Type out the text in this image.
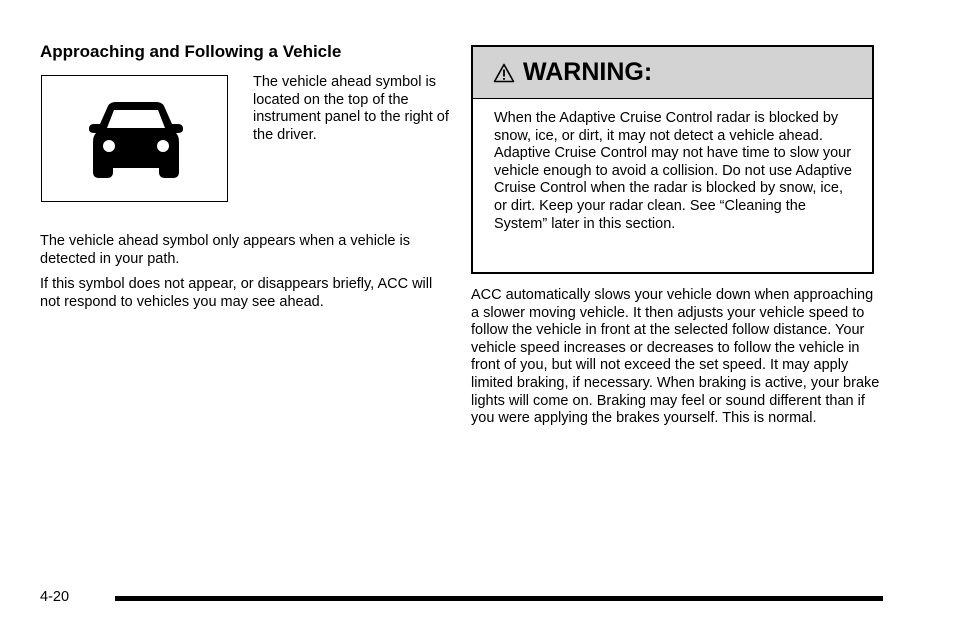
Approaching and Following a Vehicle
The vehicle ahead symbol is located on the top of the instrument panel to the right of the driver.

The vehicle ahead symbol only appears when a vehicle is detected in your path.

If this symbol does not appear, or disappears briefly, ACC will not respond to vehicles you may see ahead.

WARNING:
When the Adaptive Cruise Control radar is blocked by snow, ice, or dirt, it may not detect a vehicle ahead. Adaptive Cruise Control may not have time to slow your vehicle enough to avoid a collision. Do not use Adaptive Cruise Control when the radar is blocked by snow, ice, or dirt. Keep your radar clean. See “Cleaning the System” later in this section.

ACC automatically slows your vehicle down when approaching a slower moving vehicle. It then adjusts your vehicle speed to follow the vehicle in front at the selected follow distance. Your vehicle speed increases or decreases to follow the vehicle in front of you, but will not exceed the set speed. It may apply limited braking, if necessary. When braking is active, your brake lights will come on. Braking may feel or sound different than if you were applying the brakes yourself. This is normal.

4-20
